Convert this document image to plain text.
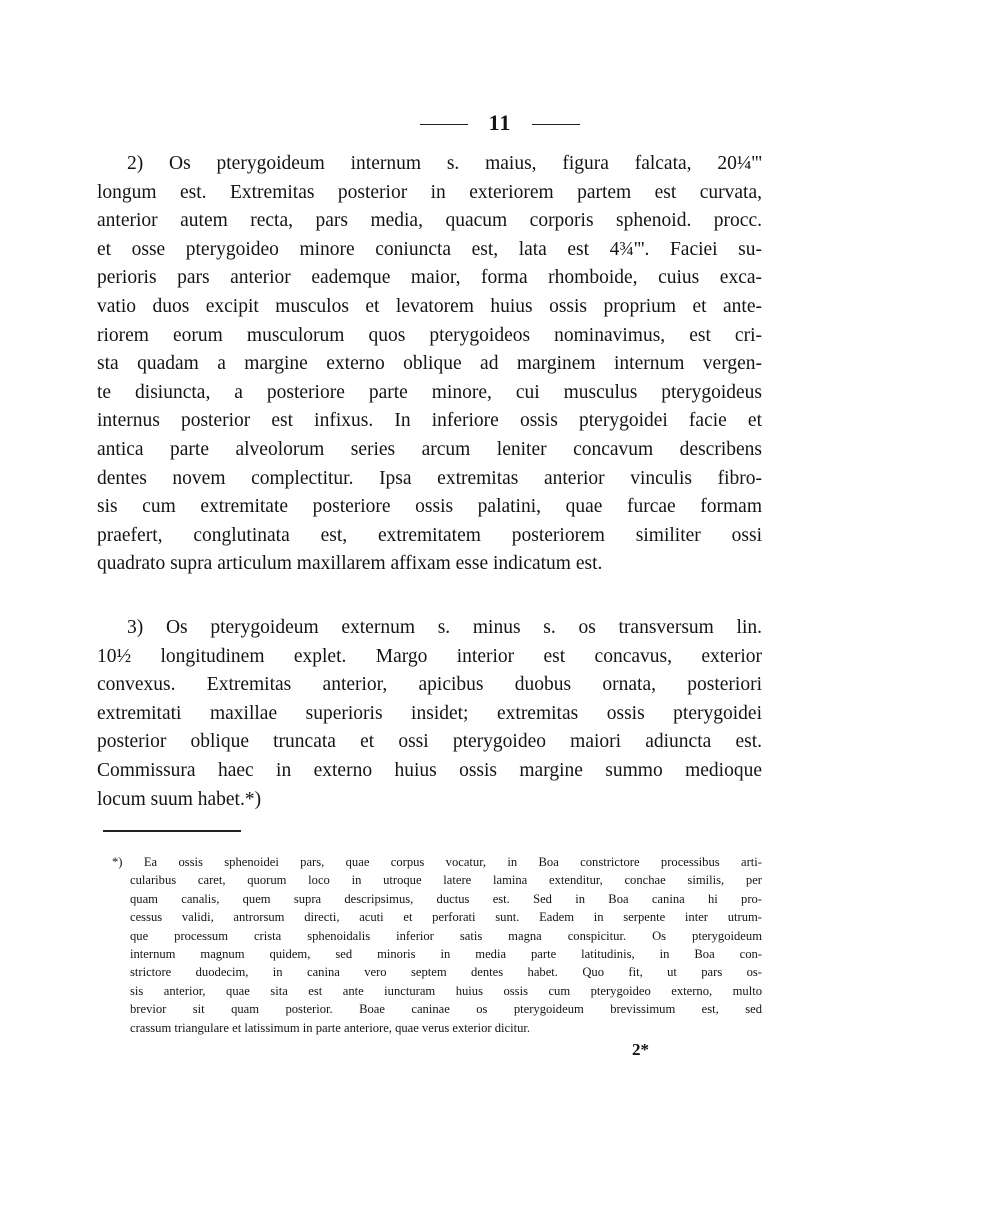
11
2) Os pterygoideum internum s. maius, figura falcata, 20¼'''
longum est. Extremitas posterior in exteriorem partem est curvata,
anterior autem recta, pars media, quacum corporis sphenoid. procc.
et osse pterygoideo minore coniuncta est, lata est 4¾'''. Faciei su-
perioris pars anterior eademque maior, forma rhomboide, cuius exca-
vatio duos excipit musculos et levatorem huius ossis proprium et ante-
riorem eorum musculorum quos pterygoideos nominavimus, est cri-
sta quadam a margine externo oblique ad marginem internum vergen-
te disiuncta, a posteriore parte minore, cui musculus pterygoideus
internus posterior est infixus. In inferiore ossis pterygoidei facie et
antica parte alveolorum series arcum leniter concavum describens
dentes novem complectitur. Ipsa extremitas anterior vinculis fibro-
sis cum extremitate posteriore ossis palatini, quae furcae formam
praefert, conglutinata est, extremitatem posteriorem similiter ossi
quadrato supra articulum maxillarem affixam esse indicatum est.
3) Os pterygoideum externum s. minus s. os transversum lin.
10½ longitudinem explet. Margo interior est concavus, exterior
convexus. Extremitas anterior, apicibus duobus ornata, posteriori
extremitati maxillae superioris insidet; extremitas ossis pterygoidei
posterior oblique truncata et ossi pterygoideo maiori adiuncta est.
Commissura haec in externo huius ossis margine summo medioque
locum suum habet.*)
*) Ea ossis sphenoidei pars, quae corpus vocatur, in Boa constrictore processibus arti-
cularibus caret, quorum loco in utroque latere lamina extenditur, conchae similis, per
quam canalis, quem supra descripsimus, ductus est. Sed in Boa canina hi pro-
cessus validi, antrorsum directi, acuti et perforati sunt. Eadem in serpente inter utrum-
que processum crista sphenoidalis inferior satis magna conspicitur. Os pterygoideum
internum magnum quidem, sed minoris in media parte latitudinis, in Boa con-
strictore duodecim, in canina vero septem dentes habet. Quo fit, ut pars os-
sis anterior, quae sita est ante iuncturam huius ossis cum pterygoideo externo, multo
brevior sit quam posterior. Boae caninae os pterygoideum brevissimum est, sed
crassum triangulare et latissimum in parte anteriore, quae verus exterior dicitur.
2*
